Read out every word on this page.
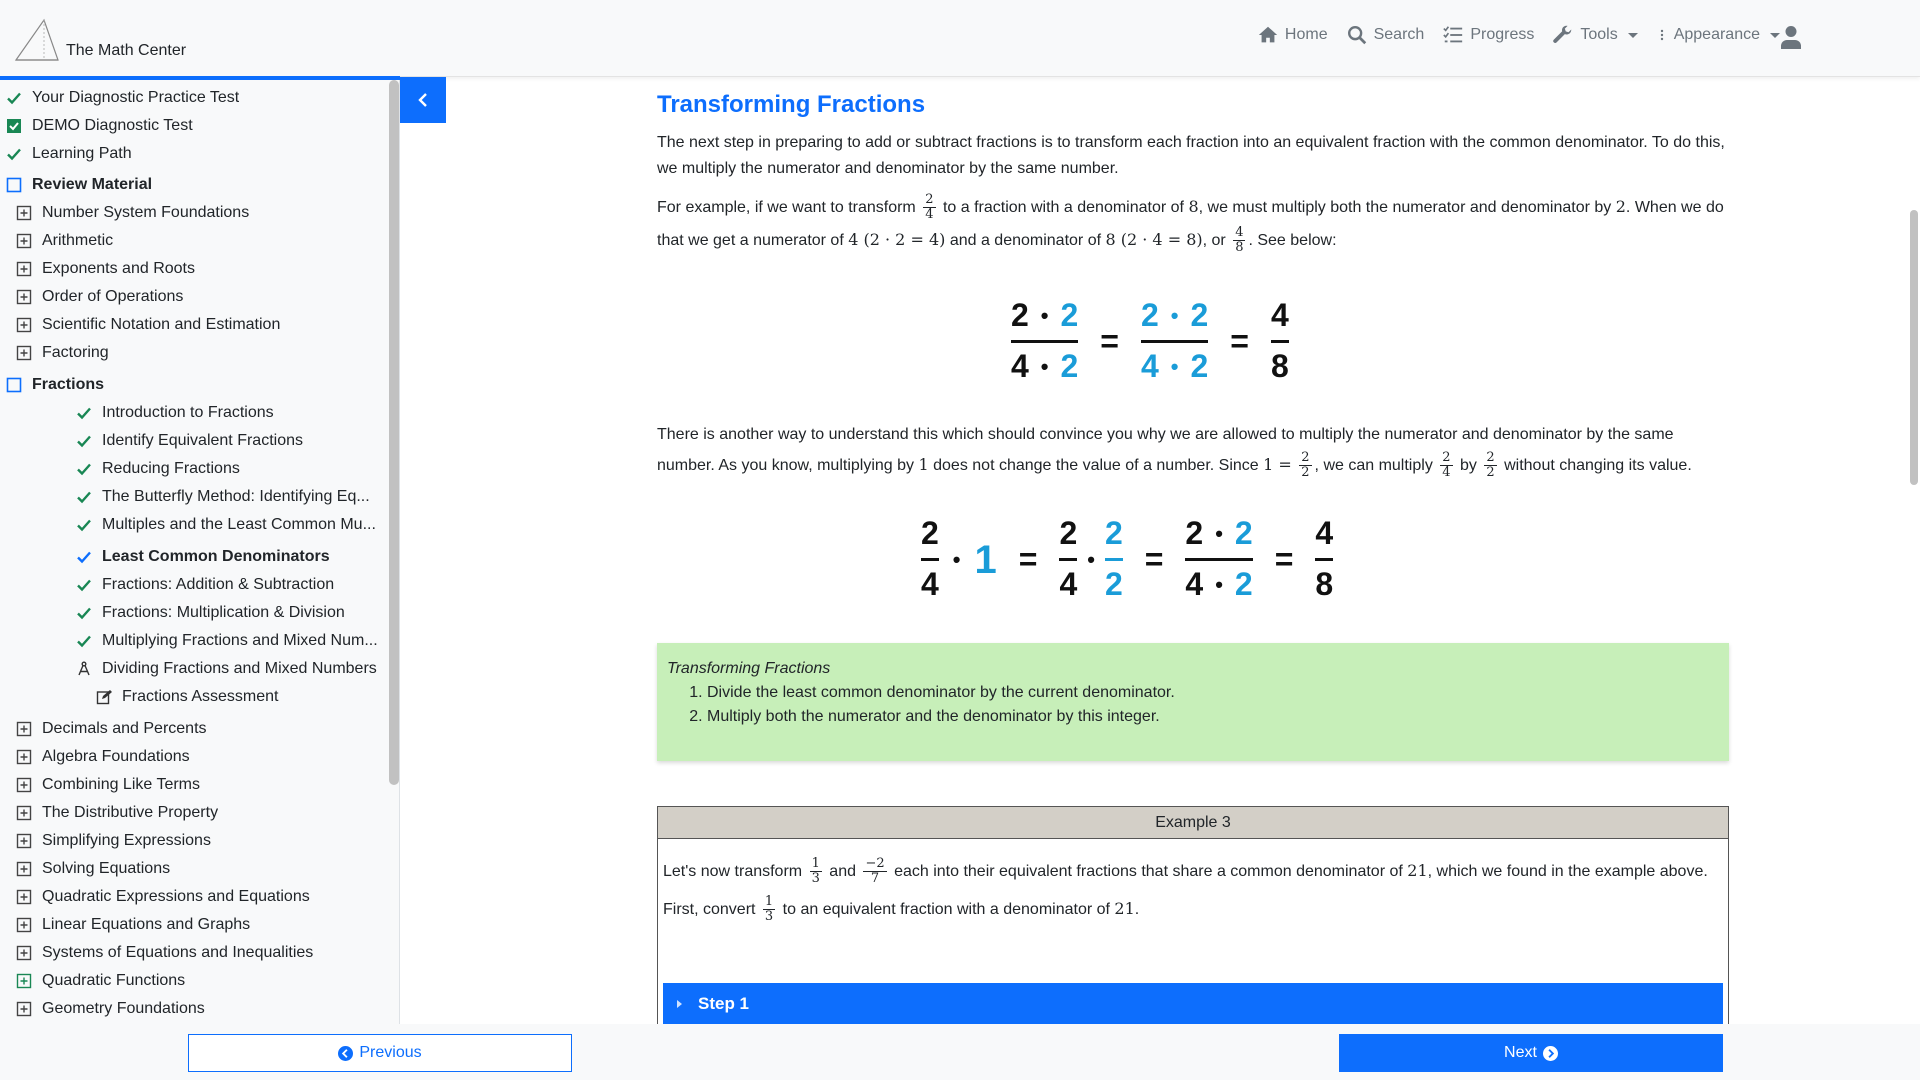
The Math Center
Home	Search	Progress	Tools	Appearance
Your Diagnostic Practice Test
DEMO Diagnostic Test
Learning Path
Review Material
Number System Foundations
Arithmetic
Exponents and Roots
Order of Operations
Scientific Notation and Estimation
Factoring
Fractions
Introduction to Fractions
Identify Equivalent Fractions
Reducing Fractions
The Butterfly Method: Identifying Eq...
Multiples and the Least Common Mu...
Least Common Denominators
Fractions: Addition & Subtraction
Fractions: Multiplication & Division
Multiplying Fractions and Mixed Num...
Dividing Fractions and Mixed Numbers
Fractions Assessment
Decimals and Percents
Algebra Foundations
Combining Like Terms
The Distributive Property
Simplifying Expressions
Solving Equations
Quadratic Expressions and Equations
Linear Equations and Graphs
Systems of Equations and Inequalities
Quadratic Functions
Geometry Foundations
Transforming Fractions
The next step in preparing to add or subtract fractions is to transform each fraction into an equivalent fraction with the common denominator. To do this, we multiply the numerator and denominator by the same number.
For example, if we want to transform $\frac{2}{4}$ to a fraction with a denominator of 8, we must multiply both the numerator and denominator by 2. When we do that we get a numerator of 4 (2 · 2 = 4) and a denominator of 8 (2 · 4 = 8), or $\frac{4}{8}$ . See below:
2 • 2
4 • 2
=
2 • 2
4 • 2
=
4
8
There is another way to understand this which should convince you why we are allowed to multiply the numerator and denominator by the same number. As you know, multiplying by 1 does not change the value of a number. Since $1 = \frac{2}{2}$ , we can multiply $\frac{2}{4}$ by $\frac{2}{2}$ without changing its value.
2
4
• 1 =
2
4
•
2
2
=
2 • 2
4 • 2
=
4
8
Transforming Fractions
1. Divide the least common denominator by the current denominator.
2. Multiply both the numerator and the denominator by this integer.
Example 3
Let's now transform $\frac{1}{3}$ and $\frac{-2}{7}$ each into their equivalent fractions that share a common denominator of 21, which we found in the example above.
First, convert $\frac{1}{3}$ to an equivalent fraction with a denominator of 21.
Step 1
Previous	Next
